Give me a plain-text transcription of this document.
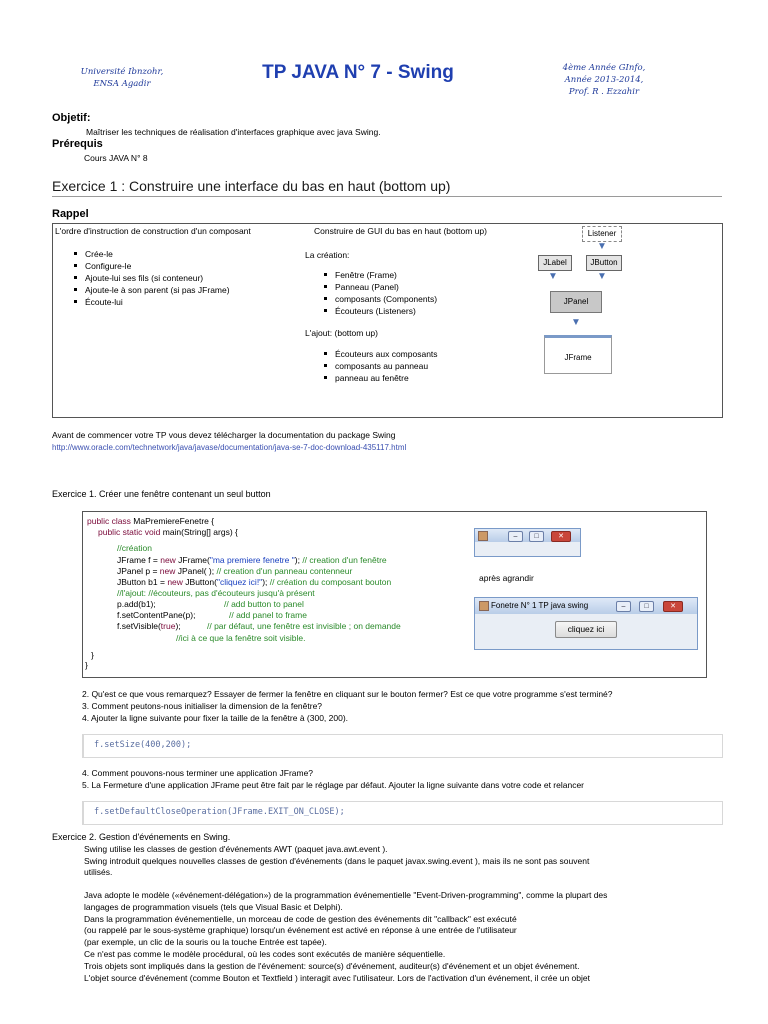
Université Ibnzohr,
ENSA Agadir
TP JAVA N° 7 - Swing	4ème Année GInfo,
Année 2013-2014,
Prof. R . Ezzahir
Objetif:
Maîtriser les techniques de réalisation d'interfaces graphique avec java Swing.
Prérequis
Cours JAVA N° 8
Exercice 1 : Construire une interface du bas en haut (bottom up)
Rappel
L'ordre d'instruction de construction d'un composant
Crée-le
Configure-le
Ajoute-lui ses fils (si conteneur)
Ajoute-le à son parent (si pas JFrame)
Écoute-lui
Construire de GUI du bas en haut (bottom up)
La création:
Fenêtre (Frame)
Panneau (Panel)
composants (Components)
Écouteurs (Listeners)
L'ajout: (bottom up)
Écouteurs aux composants
composants au panneau
panneau au fenêtre
Listener
▼
JLabel	JButton
▼	▼
JPanel
▼
JFrame
Avant de commencer votre TP vous devez télécharger la documentation du package Swing
http://www.oracle.com/technetwork/java/javase/documentation/java-se-7-doc-download-435117.html
Exercice 1. Créer une fenêtre contenant un seul button
public class MaPremiereFenetre {
public static void main(String[] args) {
//création
JFrame f = new JFrame("ma premiere fenetre "); // creation d'un fenêtre
JPanel p = new JPanel( ); // creation d'un panneau contenneur
JButton b1 = new JButton("cliquez ici!"); // création du composant bouton
//l'ajout: //écouteurs, pas d'écouteurs jusqu'à présent
p.add(b1);	// add button to panel
f.setContentPane(p);	// add panel to frame
f.setVisible(true);	// par défaut, une fenêtre est invisible ; on demande
//ici à ce que la fenêtre soit visible.
}
}
–	□	✕
après agrandir
Fonetre N° 1 TP java swing	–	□	✕
cliquez ici
2. Qu'est ce que vous remarquez? Essayer de fermer la fenêtre en cliquant sur le bouton fermer? Est ce que votre programme s'est terminé?
3. Comment peutons-nous initialiser la dimension de la fenêtre?
4. Ajouter la ligne suivante pour fixer la taille de la fenêtre à (300, 200).
f.setSize(400,200);
4. Comment pouvons-nous terminer une application JFrame?
5. La Fermeture d'une application JFrame peut être fait par le réglage par défaut. Ajouter la ligne suivante dans votre code et relancer
f.setDefaultCloseOperation(JFrame.EXIT_ON_CLOSE);
Exercice 2. Gestion d'événements en Swing.
Swing utilise les classes de gestion d'événements AWT (paquet java.awt.event ).
Swing introduit quelques nouvelles classes de gestion d'événements (dans le paquet javax.swing.event ), mais ils ne sont pas souvent
utilisés.
Java adopte le modèle («événement-délégation») de la programmation événementielle "Event-Driven-programming", comme la plupart des
langages de programmation visuels (tels que Visual Basic et Delphi).
Dans la programmation événementielle, un morceau de code de gestion des événements dit "callback" est exécuté
(ou rappelé par le sous-système graphique) lorsqu'un événement est activé en réponse à une entrée de l'utilisateur
(par exemple, un clic de la souris ou la touche Entrée est tapée).
Ce n'est pas comme le modèle procédural, où les codes sont exécutés de manière séquentielle.
Trois objets sont impliqués dans la gestion de l'événement: source(s) d'événement, auditeur(s) d'événement et un objet événement.
L'objet source d'événement (comme Bouton et Textfield ) interagit avec l'utilisateur. Lors de l'activation d'un événement, il crée un objet
